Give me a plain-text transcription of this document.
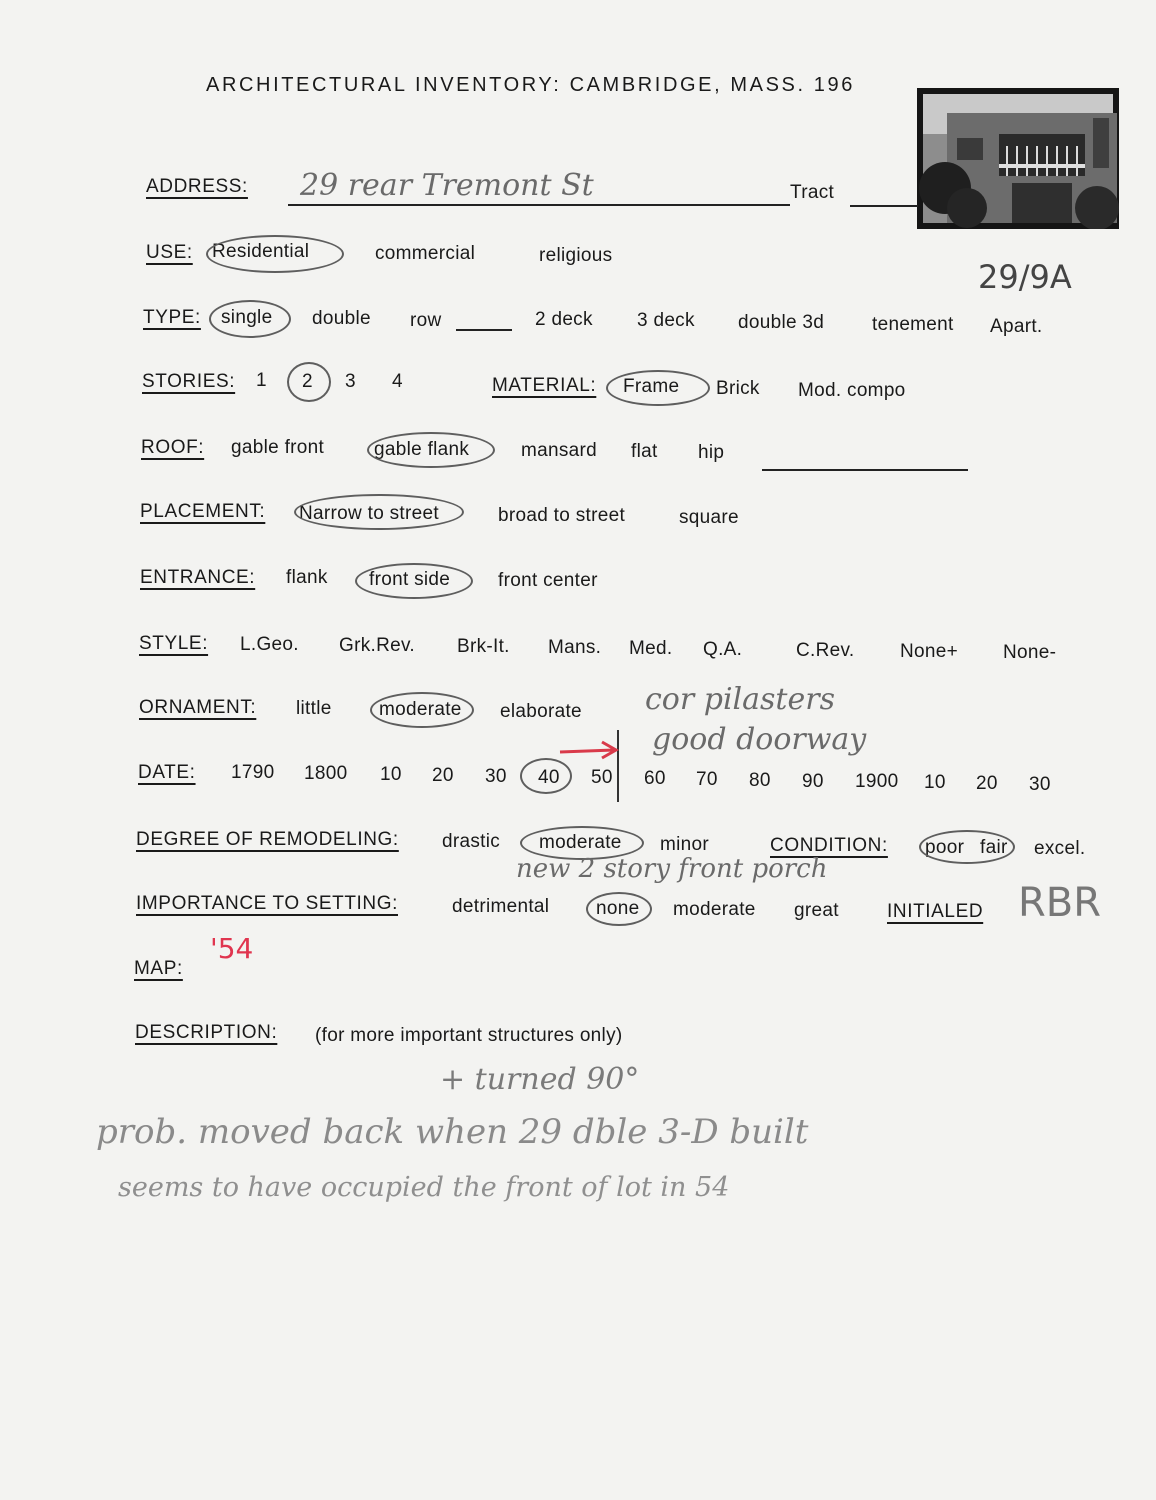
ARCHITECTURAL INVENTORY: CAMBRIDGE, MASS. 196
ADDRESS: 29 rear Tremont St	Tract
USE: Residential	commercial	religious
29/9A
TYPE: single double row	2 deck 3 deck double 3d	tenement Apart.
STORIES: 1 2 3 4	MATERIAL: Frame Brick Mod. compo
ROOF: gable front	gable flank	mansard flat hip
PLACEMENT: Narrow to street	broad to street	square
ENTRANCE: flank front side	front center
STYLE: L.Geo. Grk.Rev. Brk-It. Mans. Med. Q.A.	C.Rev. None+ None-
ORNAMENT: little moderate elaborate cor pilasters
good doorway
DATE: 1790 1800 10 20 30 40 50 60 70 80 90 1900 10 20 30
DEGREE OF REMODELING: drastic moderate minor	CONDITION: poor fair excel.
new 2 story front porch
IMPORTANCE TO SETTING:	detrimental none moderate great	INITIALED RBR
MAP:
'54
DESCRIPTION: (for more important structures only)
+ turned 90°
prob. moved back when 29 dble 3-D built
seems to have occupied the front of lot in 54
